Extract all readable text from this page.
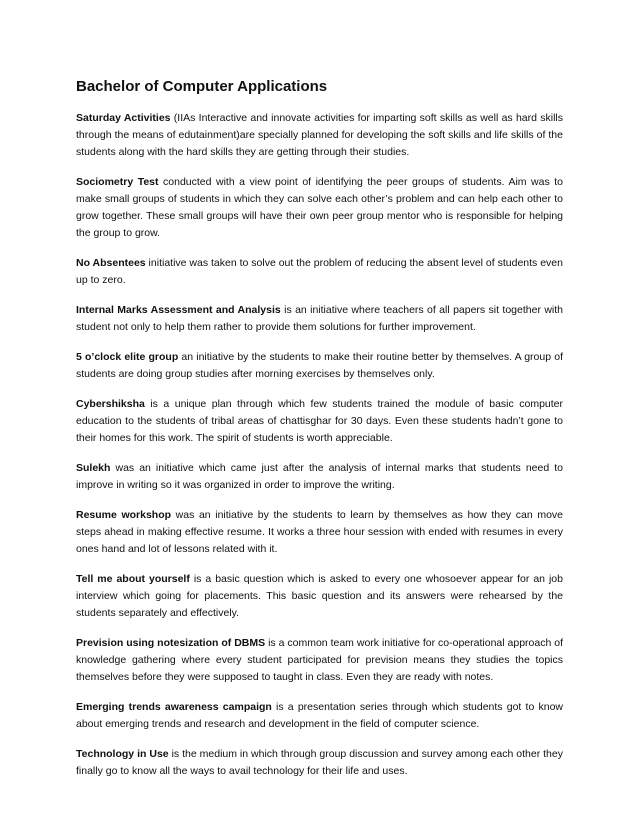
Bachelor of Computer Applications

Saturday Activities (IIAs Interactive and innovate activities for imparting soft skills as well as hard skills through the means of edutainment)are specially planned for developing the soft skills and life skills of the students along with the hard skills they are getting through their studies.

Sociometry Test conducted with a view point of identifying the peer groups of students. Aim was to make small groups of students in which they can solve each other’s problem and can help each other to grow together. These small groups will have their own peer group mentor who is responsible for helping the group to grow.

No Absentees initiative was taken to solve out the problem of reducing the absent level of students even up to zero.

Internal Marks Assessment and Analysis is an initiative where teachers of all papers sit together with student not only to help them rather to provide them solutions for further improvement.

5 o’clock elite group an initiative by the students to make their routine better by themselves. A group of students are doing group studies after morning exercises by themselves only.

Cybershiksha is a unique plan through which few students trained the module of basic computer education to the students of tribal areas of chattisghar for 30 days. Even these students hadn’t gone to their homes for this work. The spirit of students is worth appreciable.

Sulekh was an initiative which came just after the analysis of internal marks that students need to improve in writing so it was organized in order to improve the writing.

Resume workshop was an initiative by the students to learn by themselves as how they can move steps ahead in making effective resume. It works a three hour session with ended with resumes in every ones hand and lot of lessons related with it.

Tell me about yourself is a basic question which is asked to every one whosoever appear for an job interview which going for placements. This basic question and its answers were rehearsed by the students separately and effectively.

Prevision using notesization of DBMS is a common team work initiative for co-operational approach of knowledge gathering where every student participated for prevision means they studies the topics themselves before they were supposed to taught in class. Even they are ready with notes.

Emerging trends awareness campaign is a presentation series through which students got to know about emerging trends and research and development in the field of computer science.

Technology in Use is the medium in which through group discussion and survey among each other they finally go to know all the ways to avail technology for their life and uses.
